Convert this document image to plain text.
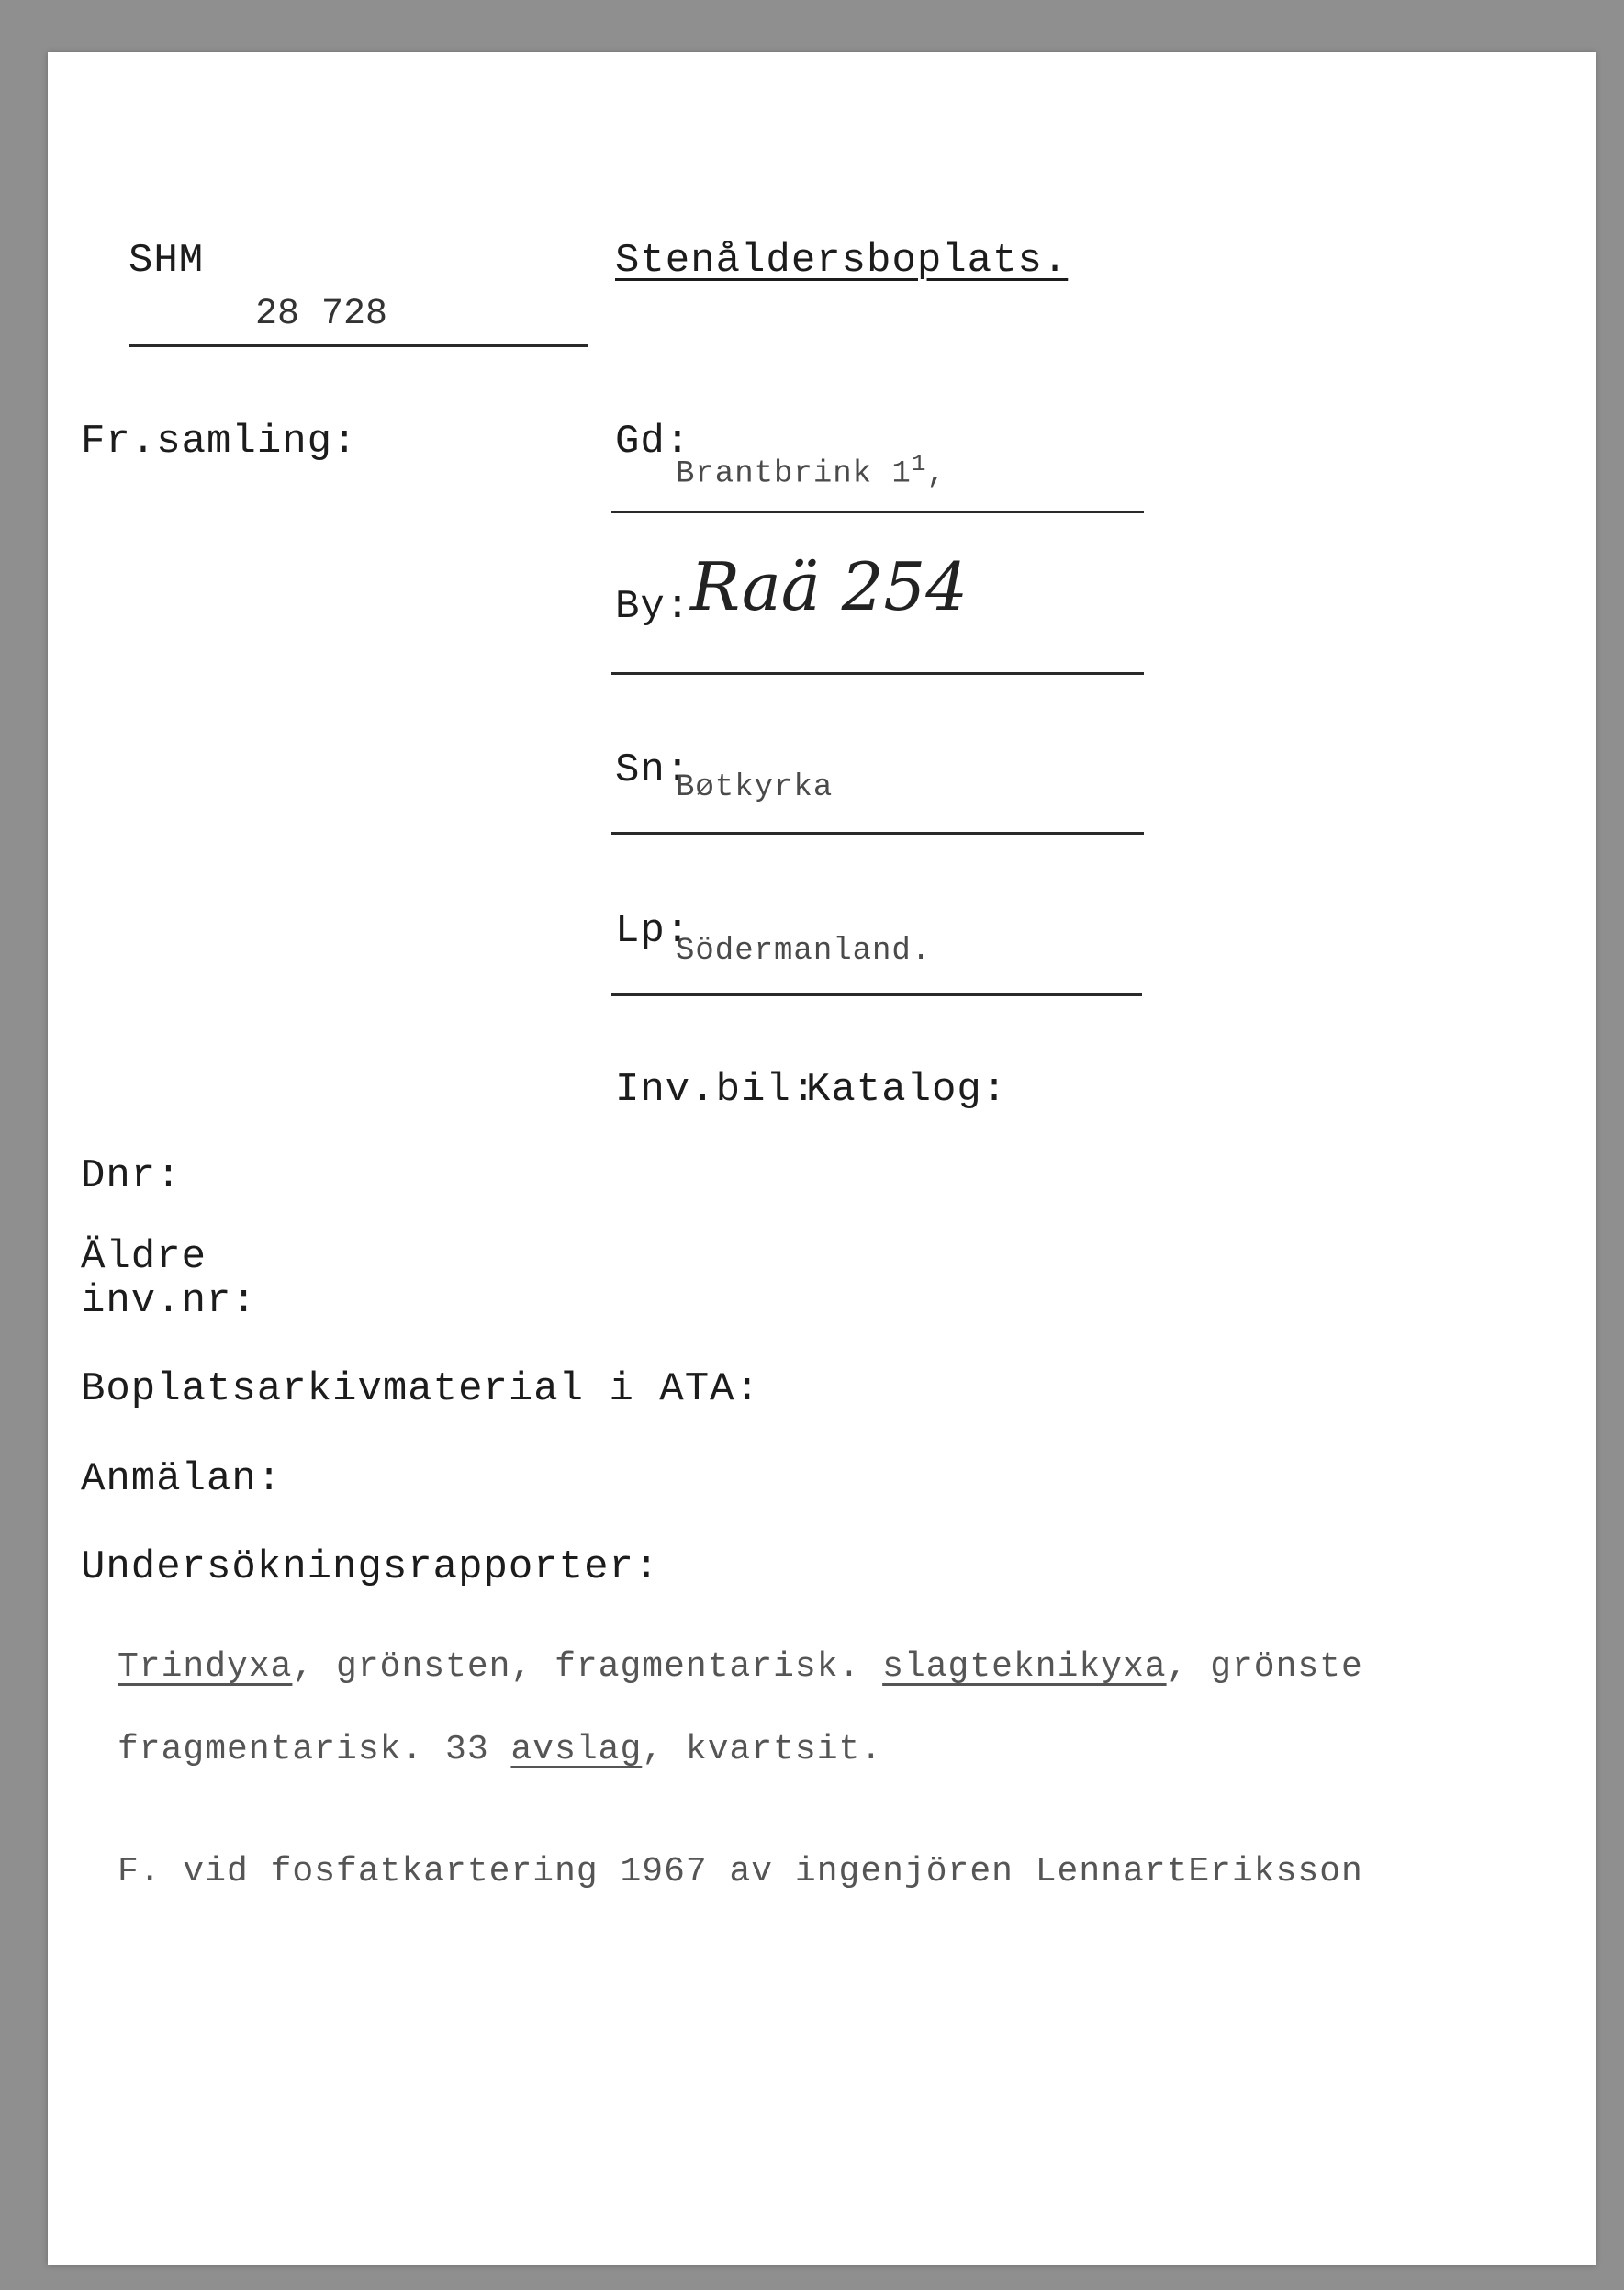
SHM
28 728
Stenåldersboplats.
Fr.samling:	Gd:
Brantbrink $1^1$,
By: Raä 254
Sn:
Bøtkyrka
Lp:
Södermanland.
Inv.bil:
Katalog:
Dnr:
Äldre
inv.nr:
Boplatsarkivmaterial i ATA:
Anmälan:
Undersökningsrapporter:
Trindyxa, grönsten, fragmentarisk. slagteknikyxa, grönste
fragmentarisk. 33 avslag, kvartsit.
F. vid fosfatkartering 1967 av ingenjören LennartEriksson
